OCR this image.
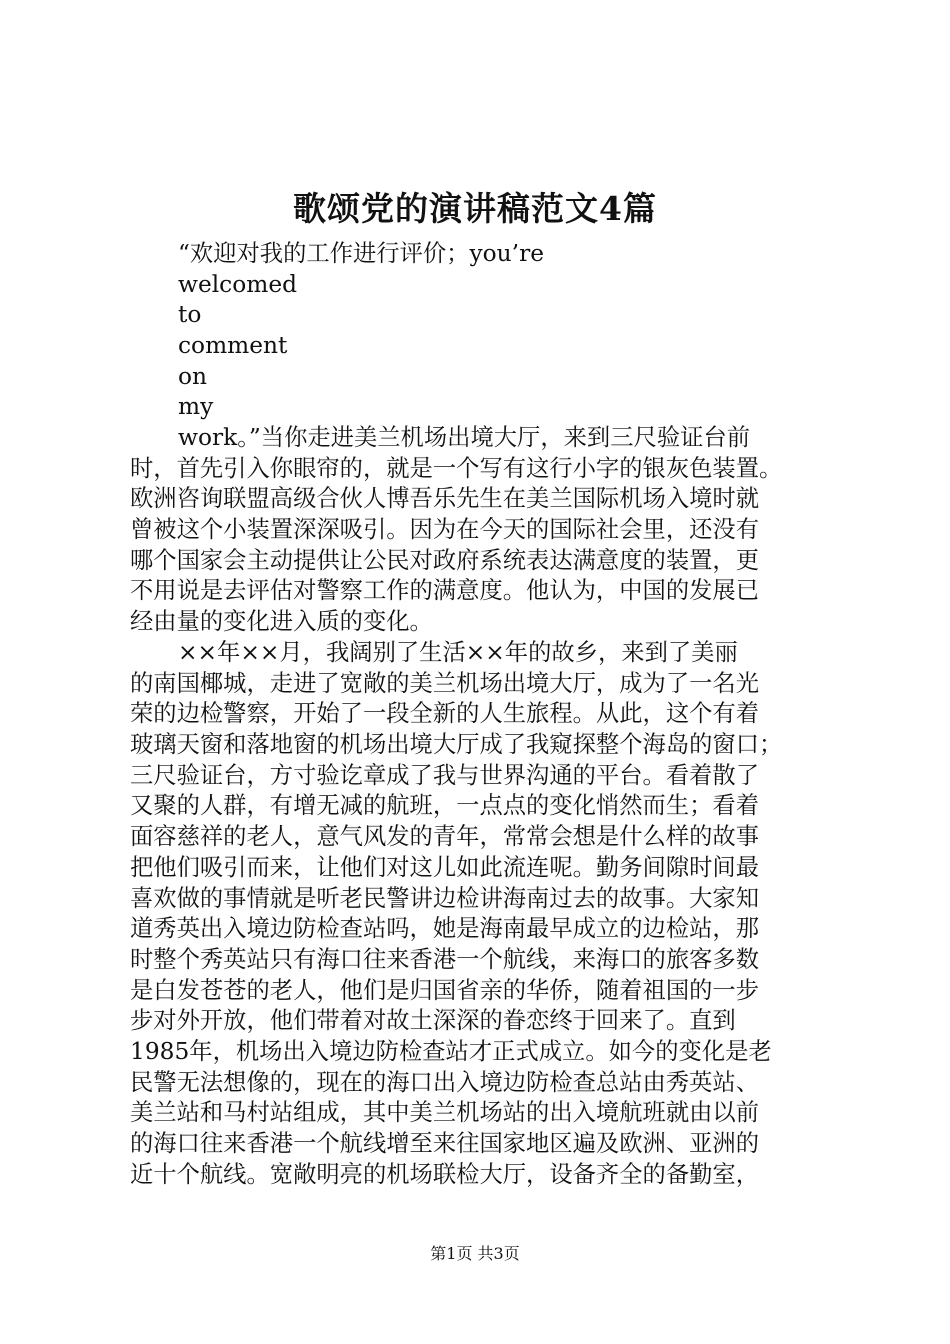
歌颂党的演讲稿范文4篇
“欢迎对我的工作进行评价；you’re
welcomed
to
comment
on
my
work。”当你走进美兰机场出境大厅，来到三尺验证台前
时，首先引入你眼帘的，就是一个写有这行小字的银灰色装置。
欧洲咨询联盟高级合伙人博吾乐先生在美兰国际机场入境时就
曾被这个小装置深深吸引。因为在今天的国际社会里，还没有
哪个国家会主动提供让公民对政府系统表达满意度的装置，更
不用说是去评估对警察工作的满意度。他认为，中国的发展已
经由量的变化进入质的变化。
××年××月，我阔别了生活××年的故乡，来到了美丽
的南国椰城，走进了宽敞的美兰机场出境大厅，成为了一名光
荣的边检警察，开始了一段全新的人生旅程。从此，这个有着
玻璃天窗和落地窗的机场出境大厅成了我窥探整个海岛的窗口；
三尺验证台，方寸验讫章成了我与世界沟通的平台。看着散了
又聚的人群，有增无减的航班，一点点的变化悄然而生；看着
面容慈祥的老人，意气风发的青年，常常会想是什么样的故事
把他们吸引而来，让他们对这儿如此流连呢。勤务间隙时间最
喜欢做的事情就是听老民警讲边检讲海南过去的故事。大家知
道秀英出入境边防检查站吗，她是海南最早成立的边检站，那
时整个秀英站只有海口往来香港一个航线，来海口的旅客多数
是白发苍苍的老人，他们是归国省亲的华侨，随着祖国的一步
步对外开放，他们带着对故土深深的眷恋终于回来了。直到
1985年，机场出入境边防检查站才正式成立。如今的变化是老
民警无法想像的，现在的海口出入境边防检查总站由秀英站、
美兰站和马村站组成，其中美兰机场站的出入境航班就由以前
的海口往来香港一个航线增至来往国家地区遍及欧洲、亚洲的
近十个航线。宽敞明亮的机场联检大厅，设备齐全的备勤室，
第1页 共3页
